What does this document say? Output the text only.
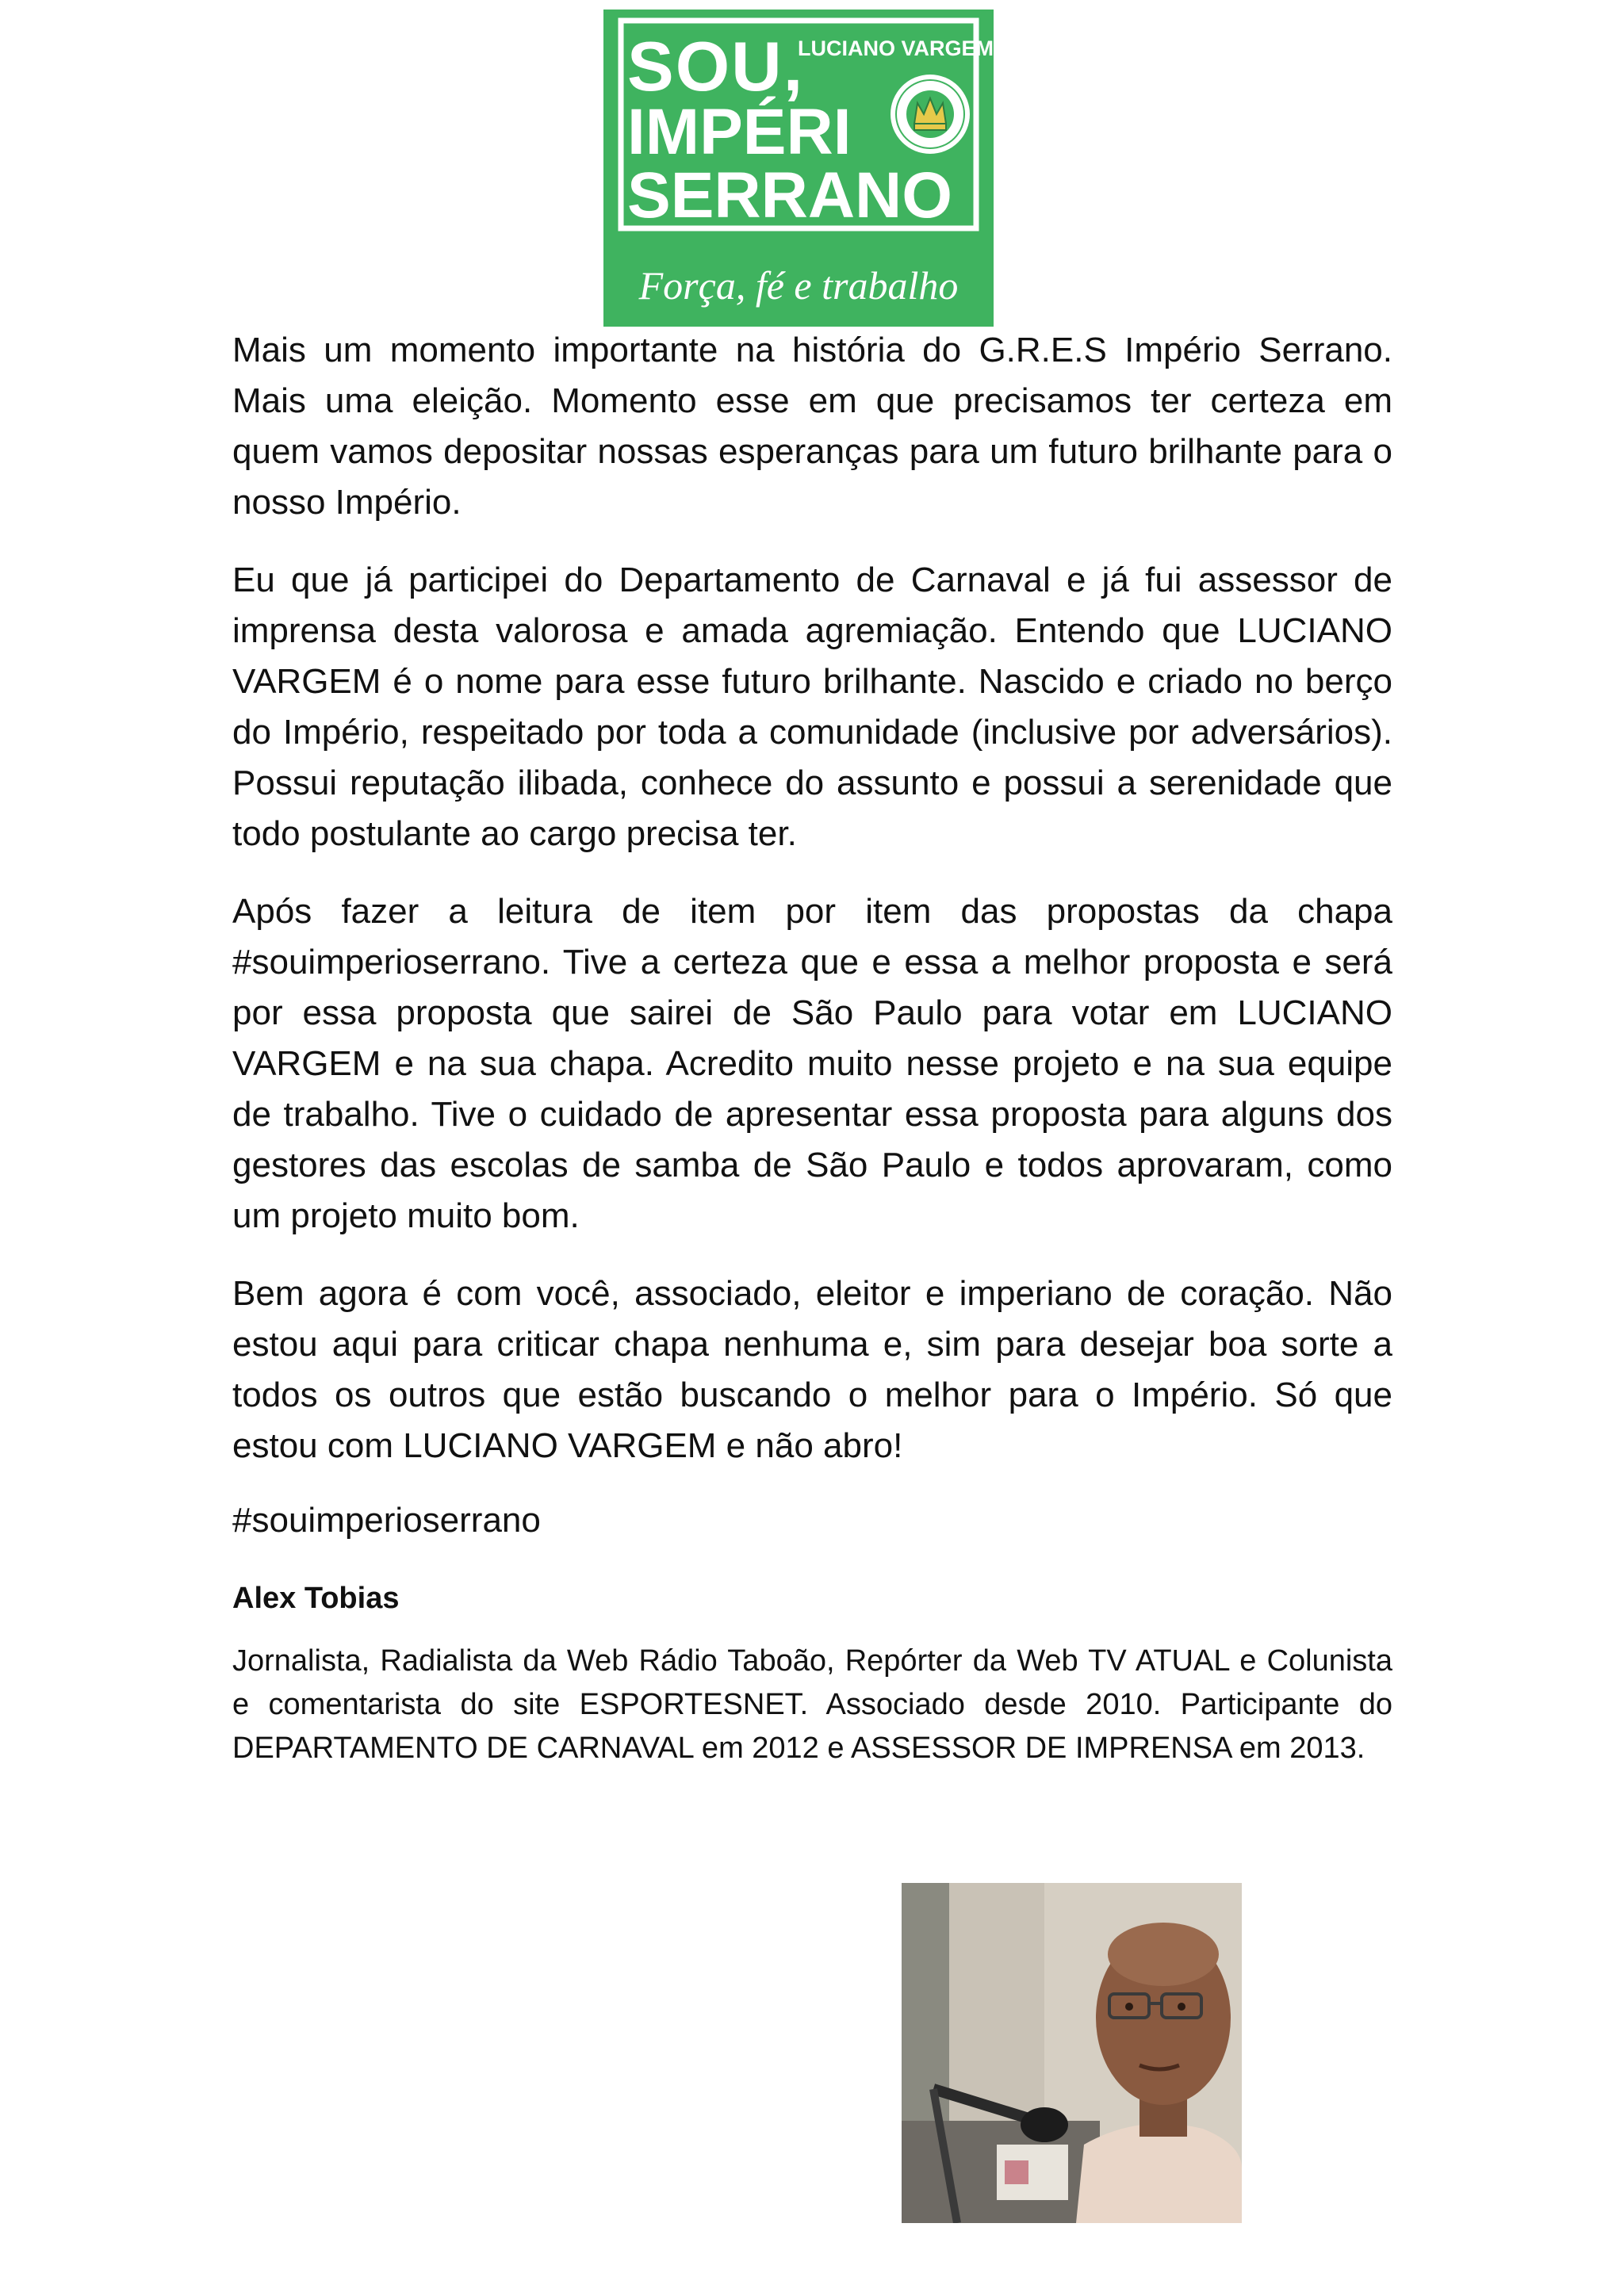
LUCIANO VARGEM
SOU,
IMPÉRI
SERRANO
Força, fé e trabalho

Mais um momento importante na história do G.R.E.S Império Serrano. Mais uma eleição. Momento esse em que precisamos ter certeza em quem vamos depositar nossas esperanças para um futuro brilhante para o nosso Império.

Eu que já participei do Departamento de Carnaval e já fui assessor de imprensa desta valorosa e amada agremiação. Entendo que LUCIANO VARGEM é o nome para esse futuro brilhante. Nascido e criado no berço do Império, respeitado por toda a comunidade (inclusive por adversários). Possui reputação ilibada, conhece do assunto e possui a serenidade que todo postulante ao cargo precisa ter.

Após fazer a leitura de item por item das propostas da chapa #souimperioserrano. Tive a certeza que e essa a melhor proposta e será por essa proposta que sairei de São Paulo para votar em LUCIANO VARGEM e na sua chapa. Acredito muito nesse projeto e na sua equipe de trabalho. Tive o cuidado de apresentar essa proposta para alguns dos gestores das escolas de samba de São Paulo e todos aprovaram, como um projeto muito bom.

Bem agora é com você, associado, eleitor e imperiano de coração. Não estou aqui para criticar chapa nenhuma e, sim para desejar boa sorte a todos os outros que estão buscando o melhor para o Império. Só que estou com LUCIANO VARGEM e não abro!

#souimperioserrano

Alex Tobias

Jornalista, Radialista da Web Rádio Taboão, Repórter da Web TV ATUAL e Colunista e comentarista do site ESPORTESNET. Associado desde 2010. Participante do DEPARTAMENTO DE CARNAVAL em 2012 e ASSESSOR DE IMPRENSA em 2013.
